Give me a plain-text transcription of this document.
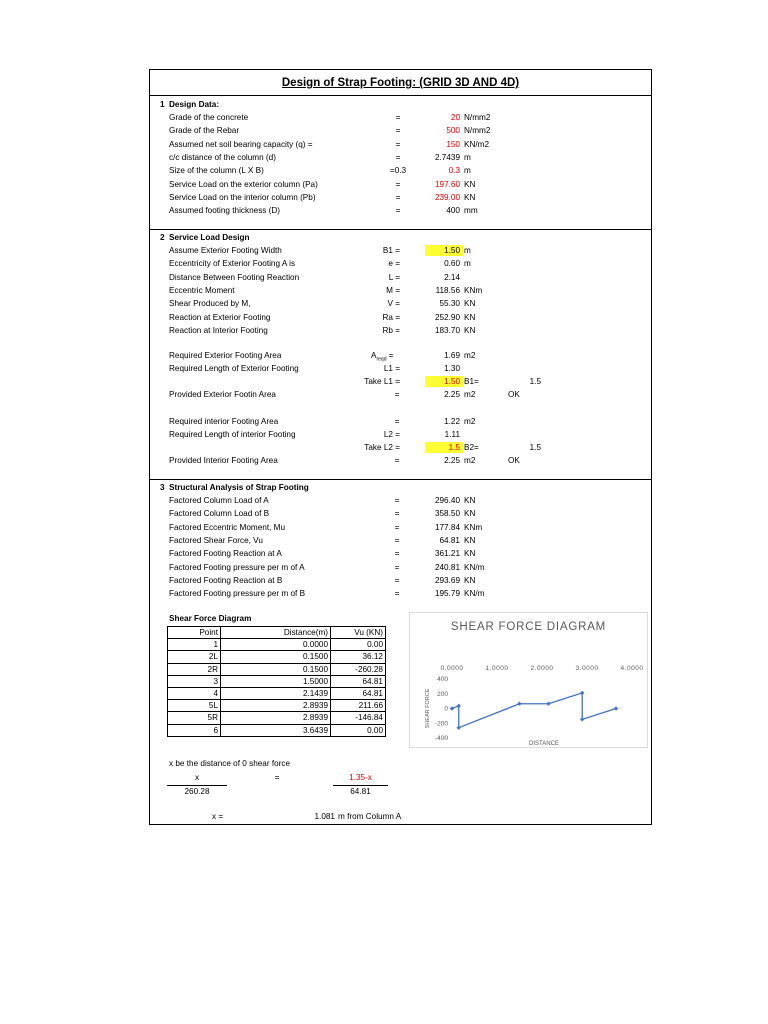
Design of Strap Footing: (GRID 3D AND 4D)
1 Design Data:
Grade of the concrete	=	20 N/mm2
Grade of the Rebar	=	500 N/mm2
Assumed net soil bearing capacity (q) =	=	150 KN/m2
c/c distance of the column (d)	=	2.7439 m
Size of the column (L X B)	=0.3	0.3 m
Service Load on the exterior column (Pa)	=	197.60 KN
Service Load on the interior column (Pb)	=	239.00 KN
Assumed footing thickness (D)	=	400 mm
2 Service Load Design
Assume Exterior Footing Width	B1 =	1.50 m
Eccentricity of Exterior Footing A is	e =	0.60 m
Distance Between Footing Reaction	L =	2.14
Eccentric Moment	M =	118.56 KNm
Shear Produced by M,	V =	55.30 KN
Reaction at Exterior Footing	Ra =	252.90 KN
Reaction at Interior Footing	Rb =	183.70 KN
Required Exterior Footing Area	$A_{reqd}$ =	1.69 m2
Required Length of Exterior Footing	L1 =	1.30
Take L1 =	1.50 B1=	1.5
Provided Exterior Footin Area	=	2.25 m2	OK
Required interior Footing Area	=	1.22 m2
Required Length of interior Footing	L2 =	1.11
Take L2 =	1.5 B2=	1.5
Provided Interior Footing Area	=	2.25 m2	OK
3 Structural Analysis of Strap Footing
Factored Column Load of A	=	296.40 KN
Factored Column Load of B	=	358.50 KN
Factored Eccentric Moment, Mu	=	177.84 KNm
Factored Shear Force, Vu	=	64.81 KN
Factored Footing Reaction at A	=	361.21 KN
Factored Footing pressure per m of A	=	240.81 KN/m
Factored Footing Reaction at B	=	293.69 KN
Factored Footing pressure per m of B	=	195.79 KN/m
Shear Force Diagram
Point	Distance(m)	Vu (KN)
1	0.0000	0.00
2L	0.1500	36.12
2R	0.1500	-260.28
3	1.5000	64.81
4	2.1439	64.81
5L	2.8939	211.66
5R	2.8939	-146.84
6	3.6439	0.00
SHEAR FORCE DIAGRAM
0.0000	1.0000	2.0000	3.0000	4.0000
400
200
0
-200
-400
SHEAR FORCE
DISTANCE
x be the distance of 0 shear force
x	=	1.35-x
260.28	64.81
x =	1.081 m from Column A
